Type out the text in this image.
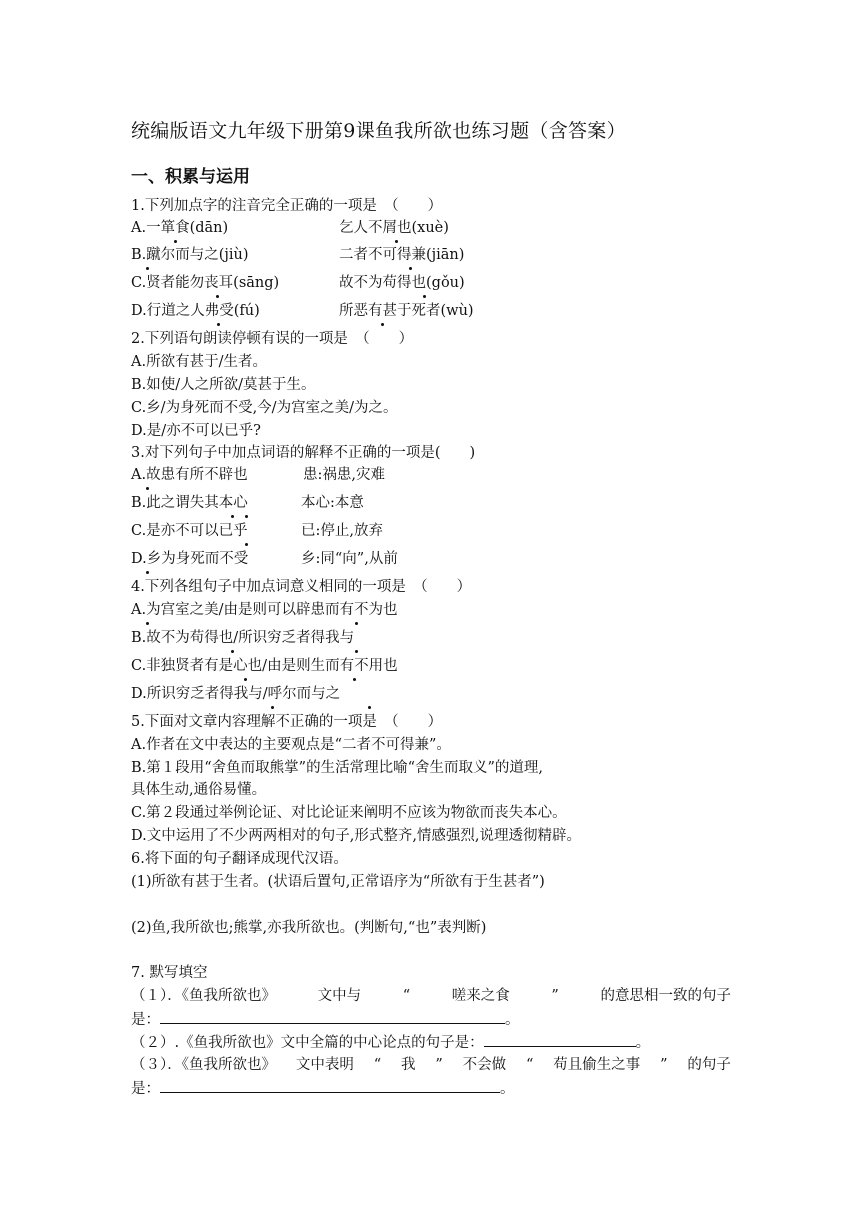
统编版语文九年级下册第9课鱼我所欲也练习题（含答案）
一、积累与运用
1.下列加点字的注音完全正确的一项是　（　　）
A.一箪食(dān)	乞人不屑也(xuè)
B.蹴尔而与之(jiù)	二者不可得兼(jiān)
C.贤者能勿丧耳(sāng)	故不为苟得也(gǒu)
D.行道之人弗受(fú)	所恶有甚于死者(wù)
2.下列语句朗读停顿有误的一项是　（　　）
A.所欲有甚于/生者。
B.如使/人之所欲/莫甚于生。
C.乡/为身死而不受,今/为宫室之美/为之。
D.是/亦不可以已乎?
3.对下列句子中加点词语的解释不正确的一项是(　　)
A.故患有所不辟也	患:祸患,灾难
B.此之谓失其本心	本心:本意
C.是亦不可以已乎	已:停止,放弃
D.乡为身死而不受	乡:同“向”,从前
4.下列各组句子中加点词意义相同的一项是　（　　）
A.为宫室之美/由是则可以辟患而有不为也
B.故不为苟得也/所识穷乏者得我与
C.非独贤者有是心也/由是则生而有不用也
D.所识穷乏者得我与/呼尔而与之
5.下面对文章内容理解不正确的一项是　（　　）
A.作者在文中表达的主要观点是“二者不可得兼”。
B.第１段用“舍鱼而取熊掌”的生活常理比喻“舍生而取义”的道理,
具体生动,通俗易懂。
C.第２段通过举例论证、对比论证来阐明不应该为物欲而丧失本心。
D.文中运用了不少两两相对的句子,形式整齐,情感强烈,说理透彻精辟。
6.将下面的句子翻译成现代汉语。
(1)所欲有甚于生者。(状语后置句,正常语序为“所欲有于生甚者”)
(2)鱼,我所欲也;熊掌,亦我所欲也。(判断句,“也”表判断)
7. 默写填空
（１）．《鱼我所欲也》	文中与	“	嗟来之食	”	的意思相一致的句子
是：	。
（２）.《鱼我所欲也》文中全篇的中心论点的句子是：	。
（３）．《鱼我所欲也》 文中表明 “ 我 ” 不会做 “ 苟且偷生之事 ” 的句子
是：	。
